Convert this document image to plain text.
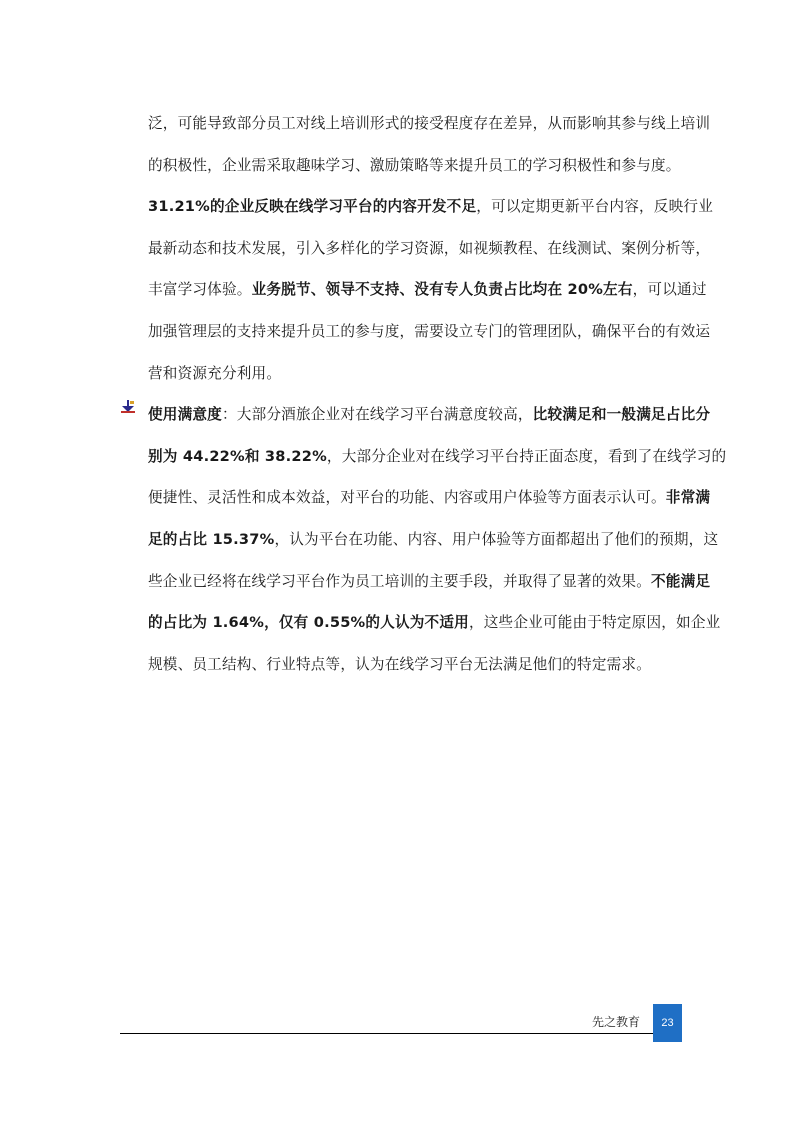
泛，可能导致部分员工对线上培训形式的接受程度存在差异，从而影响其参与线上培训
的积极性，企业需采取趣味学习、激励策略等来提升员工的学习积极性和参与度。
31.21%的企业反映在线学习平台的内容开发不足，可以定期更新平台内容，反映行业
最新动态和技术发展，引入多样化的学习资源，如视频教程、在线测试、案例分析等，
丰富学习体验。业务脱节、领导不支持、没有专人负责占比均在 20%左右，可以通过
加强管理层的支持来提升员工的参与度，需要设立专门的管理团队，确保平台的有效运
营和资源充分利用。
使用满意度：大部分酒旅企业对在线学习平台满意度较高，比较满足和一般满足占比分
别为 44.22%和 38.22%，大部分企业对在线学习平台持正面态度，看到了在线学习的
便捷性、灵活性和成本效益，对平台的功能、内容或用户体验等方面表示认可。非常满
足的占比 15.37%，认为平台在功能、内容、用户体验等方面都超出了他们的预期，这
些企业已经将在线学习平台作为员工培训的主要手段，并取得了显著的效果。不能满足
的占比为 1.64%，仅有 0.55%的人认为不适用，这些企业可能由于特定原因，如企业
规模、员工结构、行业特点等，认为在线学习平台无法满足他们的特定需求。
先之教育 23
